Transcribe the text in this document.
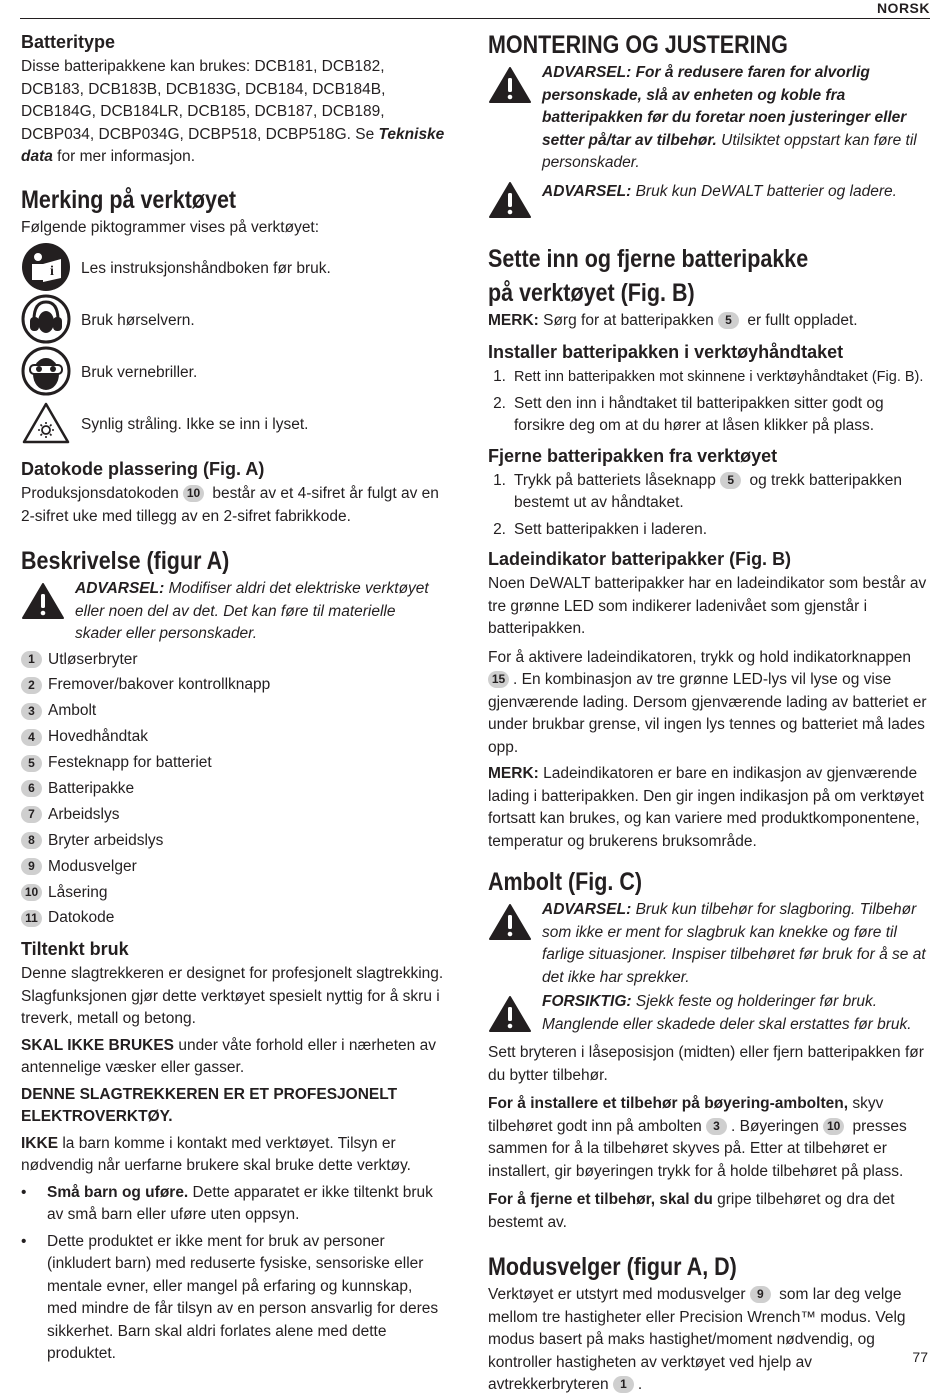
NORSK
Batteritype

Disse batteripakkene kan brukes: DCB181, DCB182, DCB183, DCB183B, DCB183G, DCB184, DCB184B, DCB184G, DCB184LR, DCB185, DCB187, DCB189, DCBP034, DCBP034G, DCBP518, DCBP518G. Se Tekniske data for mer informasjon.

Merking på verktøyet

Følgende piktogrammer vises på verktøyet:

i Les instruksjonshåndboken før bruk.

Bruk hørselvern.

Bruk vernebriller.

Synlig stråling. Ikke se inn i lyset.

Datokode plassering (Fig. A)

Produksjonsdatokoden 10 består av et 4-sifret år fulgt av en 2-sifret uke med tillegg av en 2-sifret fabrikkode.

Beskrivelse (figur A)

ADVARSEL: Modifiser aldri det elektriske verktøyet eller noen del av det. Det kan føre til materielle skader eller personskader.

1 Utløserbryter
2 Fremover/bakover kontrollknapp
3 Ambolt
4 Hovedhåndtak
5 Festeknapp for batteriet
6 Batteripakke
7 Arbeidslys
8 Bryter arbeidslys
9 Modusvelger
10 Låsering
11 Datokode
Tiltenkt bruk

Denne slagtrekkeren er designet for profesjonelt slagtrekking. Slagfunksjonen gjør dette verktøyet spesielt nyttig for å skru i treverk, metall og betong.

SKAL IKKE BRUKES under våte forhold eller i nærheten av antennelige væsker eller gasser.

DENNE SLAGTREKKEREN ER ET PROFESJONELT ELEKTROVERKTØY.

IKKE la barn komme i kontakt med verktøyet. Tilsyn er nødvendig når uerfarne brukere skal bruke dette verktøy.

•	Små barn og uføre. Dette apparatet er ikke tiltenkt bruk av små barn eller uføre uten oppsyn.
•	Dette produktet er ikke ment for bruk av personer (inkludert barn) med reduserte fysiske, sensoriske eller mentale evner, eller mangel på erfaring og kunnskap, med mindre de får tilsyn av en person ansvarlig for deres sikkerhet. Barn skal aldri forlates alene med dette produktet.
MONTERING OG JUSTERING

ADVARSEL: For å redusere faren for alvorlig personskade, slå av enheten og koble fra batteripakken før du foretar noen justeringer eller setter på/tar av tilbehør. Utilsiktet oppstart kan føre til personskader.

ADVARSEL: Bruk kun DeWALT batterier og ladere.

Sette inn og fjerne batteripakke
på verktøyet (Fig. B)

MERK: Sørg for at batteripakken 5 er fullt oppladet.

Installer batteripakken i verktøyhåndtaket
1. Rett inn batteripakken mot skinnene i verktøyhåndtaket (Fig. B).
2. Sett den inn i håndtaket til batteripakken sitter godt og forsikre deg om at du hører at låsen klikker på plass.
Fjerne batteripakken fra verktøyet
1. Trykk på batteriets låseknapp 5 og trekk batteripakken bestemt ut av håndtaket.
2. Sett batteripakken i laderen.
Ladeindikator batteripakker (Fig. B)

Noen DeWALT batteripakker har en ladeindikator som består av tre grønne LED som indikerer ladenivået som gjenstår i batteripakken.

For å aktivere ladeindikatoren, trykk og hold indikatorknappen 15 . En kombinasjon av tre grønne LED-lys vil lyse og vise gjenværende lading. Dersom gjenværende lading av batteriet er under brukbar grense, vil ingen lys tennes og batteriet må lades opp.

MERK: Ladeindikatoren er bare en indikasjon av gjenværende lading i batteripakken. Den gir ingen indikasjon på om verktøyet fortsatt kan brukes, og kan variere med produktkomponentene, temperatur og brukerens bruksområde.

Ambolt (Fig. C)

ADVARSEL: Bruk kun tilbehør for slagboring. Tilbehør som ikke er ment for slagbruk kan knekke og føre til farlige situasjoner. Inspiser tilbehøret før bruk for å se at det ikke har sprekker.

FORSIKTIG: Sjekk feste og holderinger før bruk. Manglende eller skadede deler skal erstattes før bruk.

Sett bryteren i låseposisjon (midten) eller fjern batteripakken før du bytter tilbehør.

For å installere et tilbehør på bøyering-ambolten, skyv tilbehøret godt inn på ambolten 3 . Bøyeringen 10 presses sammen for å la tilbehøret skyves på. Etter at tilbehøret er installert, gir bøyeringen trykk for å holde tilbehøret på plass.

For å fjerne et tilbehør, skal du gripe tilbehøret og dra det bestemt av.

Modusvelger (figur A, D)

Verktøyet er utstyrt med modusvelger 9 som lar deg velge mellom tre hastigheter eller Precision Wrench™ modus. Velg modus basert på maks hastighet/moment nødvendig, og kontroller hastigheten av verktøyet ved hjelp av avtrekkerbryteren 1 .

77
